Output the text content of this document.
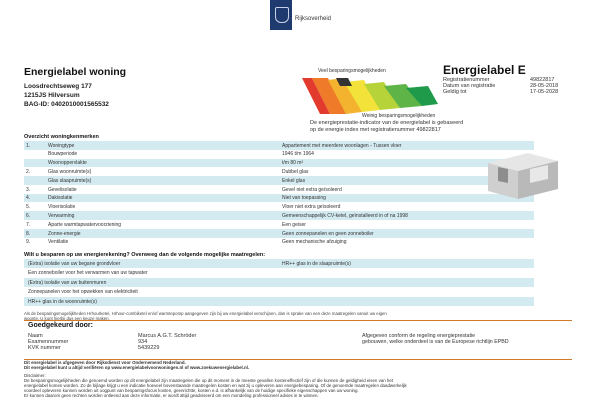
Rijksoverheid
Energielabel woning
Loosdrechtseweg 177
1215JS Hilversum
BAG-ID: 0402010001565532
Veel besparingsmogelijkheden
Weinig besparingsmogelijkheden
Energielabel E
Registratienummer	49822817
Datum van registratie	28-05-2018
Geldig tot	17-05-2028
De energieprestatie-indicator van de energielabel is gebaseerd
op de energie index met registratienummer 49822817
Overzicht woningkenmerken
1.	Woningtype	Appartement met meerdere woonlagen - Tussen vloer
Bouwperiode	1946 t/m 1964
Woonoppervlakte	t/m 80 m²
2.	Glas woonruimte(s)	Dubbel glas
Glas slaapruimte(s)	Enkel glas
3.	Gevelisolatie	Gevel niet extra geïsoleerd
4.	Dakisolatie	Niet van toepassing
5.	Vloerisolatie	Vloer niet extra geïsoleerd
6.	Verwarming	Gemeenschappelijk CV-ketel, geïnstalleerd in of na 1998
7.	Aparte warmtapwatervoorziening	Een geiser
8.	Zonne-energie	Geen zonnepanelen en geen zonneboiler
9.	Ventilatie	Geen mechanische afzuiging
Wilt u besparen op uw energierekening? Overweeg dan de volgende mogelijke maatregelen:
(Extra) isolatie van uw begane grondvloer	HR++ glas in de slaapruimte(s)
Een zonneboiler voor het verwarmen van uw tapwater
(Extra) isolatie van uw buitenmuren
Zonnepanelen voor het opwekken van elektriciteit
HR++ glas in de woonruimte(s)
Als de besparingsmogelijkheden Hrhourketel, Hrhour-combiketel en/of warmtepomp aangegeven zijn bij uw energielabel verschijnen, dan is sprake van een deze maatregelen vanuit uw eigen
woonte. U kunt hierbij dus een keuze maken.
Goedgekeurd door:
Naam	Marcus A.G.T. Schröder
Examennummer	934
KVK nummer	5439229
Afgegeven conform de regeling energieprestatie
gebouwen, welke onderdeel is van de Europese richtlijn EPBD
Dit energielabel is afgegeven door Rijksdienst voor Ondernemend Nederland.
Dit energielabel kunt u altijd verifiëren op www.energielabelvoorwoningen.nl of www.zoekuwenergielabel.nl.
Disclaimer:
De besparingsmogelijkheden die genoemd worden op dit energielabel zijn maatregelen die op dit moment in de meeste gevallen kosteneffectief zijn of die kunnen de geldigheid eisen van het
energielabel komen worden. Zo de bijlage krijgt u een indicatie hoeveel bovenstaande maatregelen kosten en wat zij u opleveren aan energiebesparing. Of de genoemde maatregelen daadwerkelijk
voordeel opleveren kunnen worden uit oogpunt van besparingsfocus kosten, geenrichtte, kosten e.d. is afhankelijk van de huidige specifieke eigenschappen van uw woning.
Er kunnen daarom geen rechten worden ontleend aan deze informatie, er wordt altijd geadviseerd om een mondeling professioneel advies in te winnen.
